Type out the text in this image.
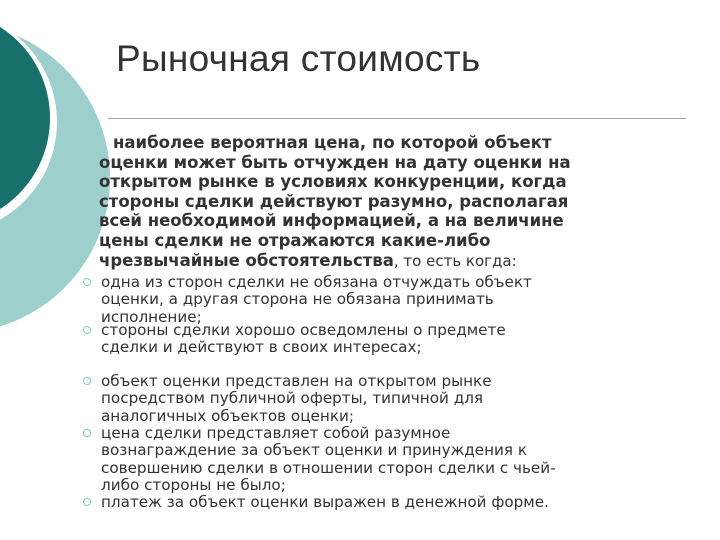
Рыночная стоимость
наиболее вероятная цена, по которой объект
оценки может быть отчужден на дату оценки на
открытом рынке в условиях конкуренции, когда
стороны сделки действуют разумно, располагая
всей необходимой информацией, а на величине
цены сделки не отражаются какие-либо
чрезвычайные обстоятельства, то есть когда:
одна из сторон сделки не обязана отчуждать объект
оценки, а другая сторона не обязана принимать
исполнение;
стороны сделки хорошо осведомлены о предмете
сделки и действуют в своих интересах;
объект оценки представлен на открытом рынке
посредством публичной оферты, типичной для
аналогичных объектов оценки;
цена сделки представляет собой разумное
вознаграждение за объект оценки и принуждения к
совершению сделки в отношении сторон сделки с чьей-
либо стороны не было;
платеж за объект оценки выражен в денежной форме.
